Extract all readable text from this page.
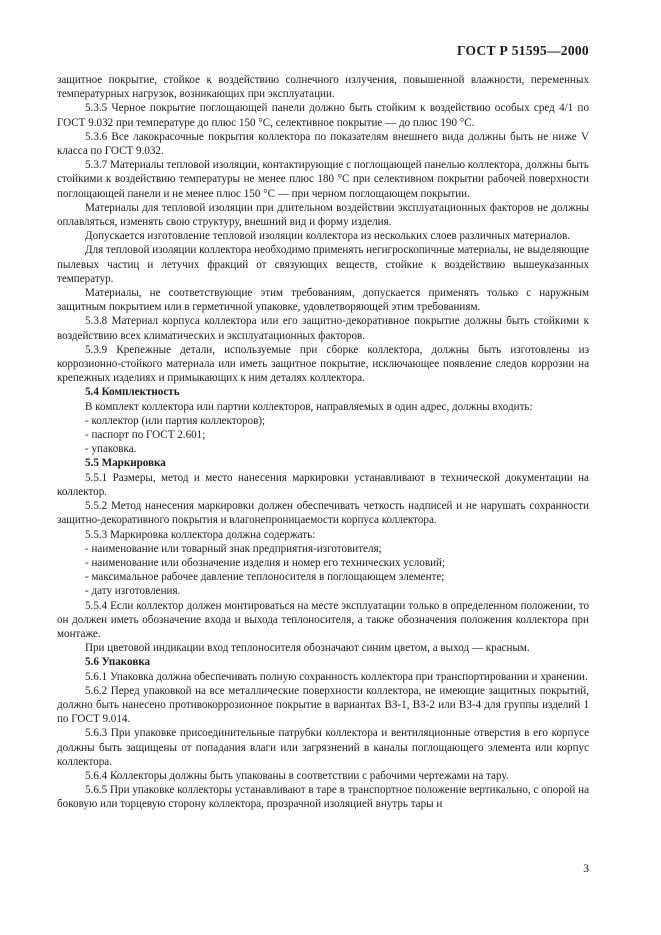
ГОСТ Р 51595—2000

защитное покрытие, стойкое к воздействию солнечного излучения, повышенной влажности, переменных температурных нагрузок, возникающих при эксплуатации.

5.3.5 Черное покрытие поглощающей панели должно быть стойким к воздействию особых сред 4/1 по ГОСТ 9.032 при температуре до плюс 150 °С, селективное покрытие — до плюс 190 °С.

5.3.6 Все лакокрасочные покрытия коллектора по показателям внешнего вида должны быть не ниже V класса по ГОСТ 9.032.

5.3.7 Материалы тепловой изоляции, контактирующие с поглощающей панелью коллектора, должны быть стойкими к воздействию температуры не менее плюс 180 °С при селективном покрытии рабочей поверхности поглощающей панели и не менее плюс 150 °С — при черном поглощающем покрытии.

Материалы для тепловой изоляции при длительном воздействии эксплуатационных факторов не должны оплавляться, изменять свою структуру, внешний вид и форму изделия.

Допускается изготовление тепловой изоляции коллектора из нескольких слоев различных материалов.

Для тепловой изоляции коллектора необходимо применять негигроскопичные материалы, не выделяющие пылевых частиц и летучих фракций от связующих веществ, стойкие к воздействию вышеуказанных температур.

Материалы, не соответствующие этим требованиям, допускается применять только с наружным защитным покрытием или в герметичной упаковке, удовлетворяющей этим требованиям.

5.3.8 Материал корпуса коллектора или его защитно-декоративное покрытие должны быть стойкими к воздействию всех климатических и эксплуатационных факторов.

5.3.9 Крепежные детали, используемые при сборке коллектора, должны быть изготовлены из коррозионно-стойкого материала или иметь защитное покрытие, исключающее появление следов коррозии на крепежных изделиях и примыкающих к ним деталях коллектора.

5.4 Комплектность

В комплект коллектора или партии коллекторов, направляемых в один адрес, должны входить:

- коллектор (или партия коллекторов);

- паспорт по ГОСТ 2.601;

- упаковка.

5.5 Маркировка

5.5.1 Размеры, метод и место нанесения маркировки устанавливают в технической документации на коллектор.

5.5.2 Метод нанесения маркировки должен обеспечивать четкость надписей и не нарушать сохранности защитно-декоративного покрытия и влагонепроницаемости корпуса коллектора.

5.5.3 Маркировка коллектора должна содержать:

- наименование или товарный знак предприятия-изготовителя;

- наименование или обозначение изделия и номер его технических условий;

- максимальное рабочее давление теплоносителя в поглощающем элементе;

- дату изготовления.

5.5.4 Если коллектор должен монтироваться на месте эксплуатации только в определенном положении, то он должен иметь обозначение входа и выхода теплоносителя, а также обозначения положения коллектора при монтаже.

При цветовой индикации вход теплоносителя обозначают синим цветом, а выход — красным.

5.6 Упаковка

5.6.1 Упаковка должна обеспечивать полную сохранность коллектора при транспортировании и хранении.

5.6.2 Перед упаковкой на все металлические поверхности коллектора, не имеющие защитных покрытий, должно быть нанесено противокоррозионное покрытие в вариантах ВЗ-1, ВЗ-2 или ВЗ-4 для группы изделий 1 по ГОСТ 9.014.

5.6.3 При упаковке присоединительные патрубки коллектора и вентиляционные отверстия в его корпусе должны быть защищены от попадания влаги или загрязнений в каналы поглощающего элемента или корпус коллектора.

5.6.4 Коллекторы должны быть упакованы в соответствии с рабочими чертежами на тару.

5.6.5 При упаковке коллекторы устанавливают в таре в транспортное положение вертикально, с опорой на боковую или торцевую сторону коллектора, прозрачной изоляцией внутрь тары и

3
